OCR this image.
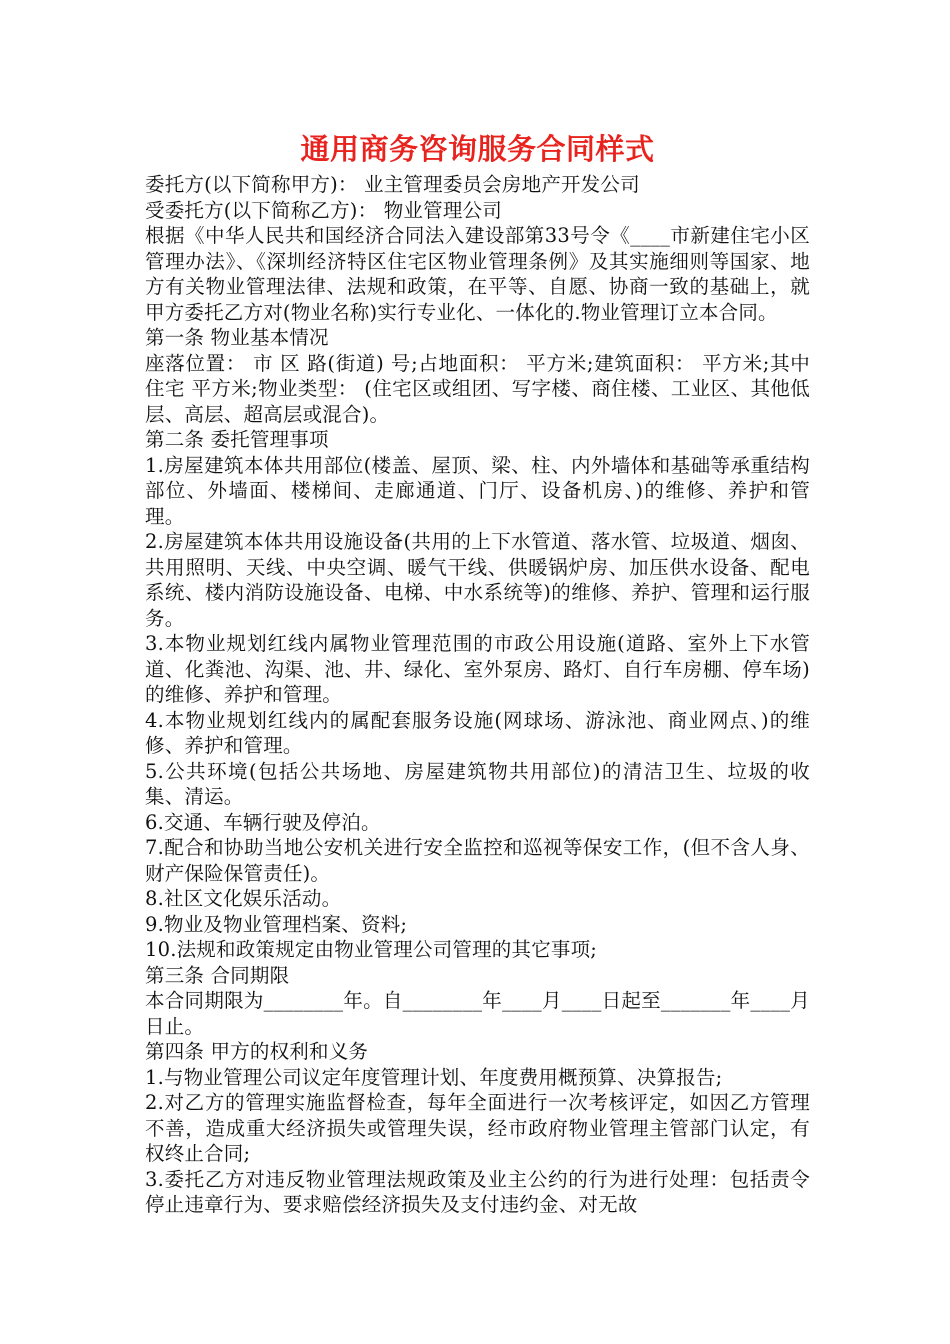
通用商务咨询服务合同样式

委托方(以下简称甲方)： 业主管理委员会房地产开发公司

受委托方(以下简称乙方)： 物业管理公司

根据《中华人民共和国经济合同法入建设部第33号令《____市新建住宅小区管理办法》、《深圳经济特区住宅区物业管理条例》及其实施细则等国家、地方有关物业管理法律、法规和政策，在平等、自愿、协商一致的基础上，就甲方委托乙方对(物业名称)实行专业化、一体化的.物业管理订立本合同。

第一条 物业基本情况

座落位置： 市 区 路(街道) 号;占地面积： 平方米;建筑面积： 平方米;其中住宅 平方米;物业类型： (住宅区或组团、写字楼、商住楼、工业区、其他低层、高层、超高层或混合)。

第二条 委托管理事项

1.房屋建筑本体共用部位(楼盖、屋顶、梁、柱、内外墙体和基础等承重结构部位、外墙面、楼梯间、走廊通道、门厅、设备机房、)的维修、养护和管理。

2.房屋建筑本体共用设施设备(共用的上下水管道、落水管、垃圾道、烟囱、共用照明、天线、中央空调、暖气干线、供暖锅炉房、加压供水设备、配电系统、楼内消防设施设备、电梯、中水系统等)的维修、养护、管理和运行服务。

3.本物业规划红线内属物业管理范围的市政公用设施(道路、室外上下水管道、化粪池、沟渠、池、井、绿化、室外泵房、路灯、自行车房棚、停车场)的维修、养护和管理。

4.本物业规划红线内的属配套服务设施(网球场、游泳池、商业网点、)的维修、养护和管理。

5.公共环境(包括公共场地、房屋建筑物共用部位)的清洁卫生、垃圾的收集、清运。

6.交通、车辆行驶及停泊。

7.配合和协助当地公安机关进行安全监控和巡视等保安工作，(但不含人身、财产保险保管责任)。

8.社区文化娱乐活动。

9.物业及物业管理档案、资料;

10.法规和政策规定由物业管理公司管理的其它事项;

第三条 合同期限

本合同期限为________年。自________年____月____日起至_______年____月日止。

第四条 甲方的权利和义务

1.与物业管理公司议定年度管理计划、年度费用概预算、决算报告;

2.对乙方的管理实施监督检查，每年全面进行一次考核评定，如因乙方管理不善，造成重大经济损失或管理失误，经市政府物业管理主管部门认定，有权终止合同;

3.委托乙方对违反物业管理法规政策及业主公约的行为进行处理：包括责令停止违章行为、要求赔偿经济损失及支付违约金、对无故
